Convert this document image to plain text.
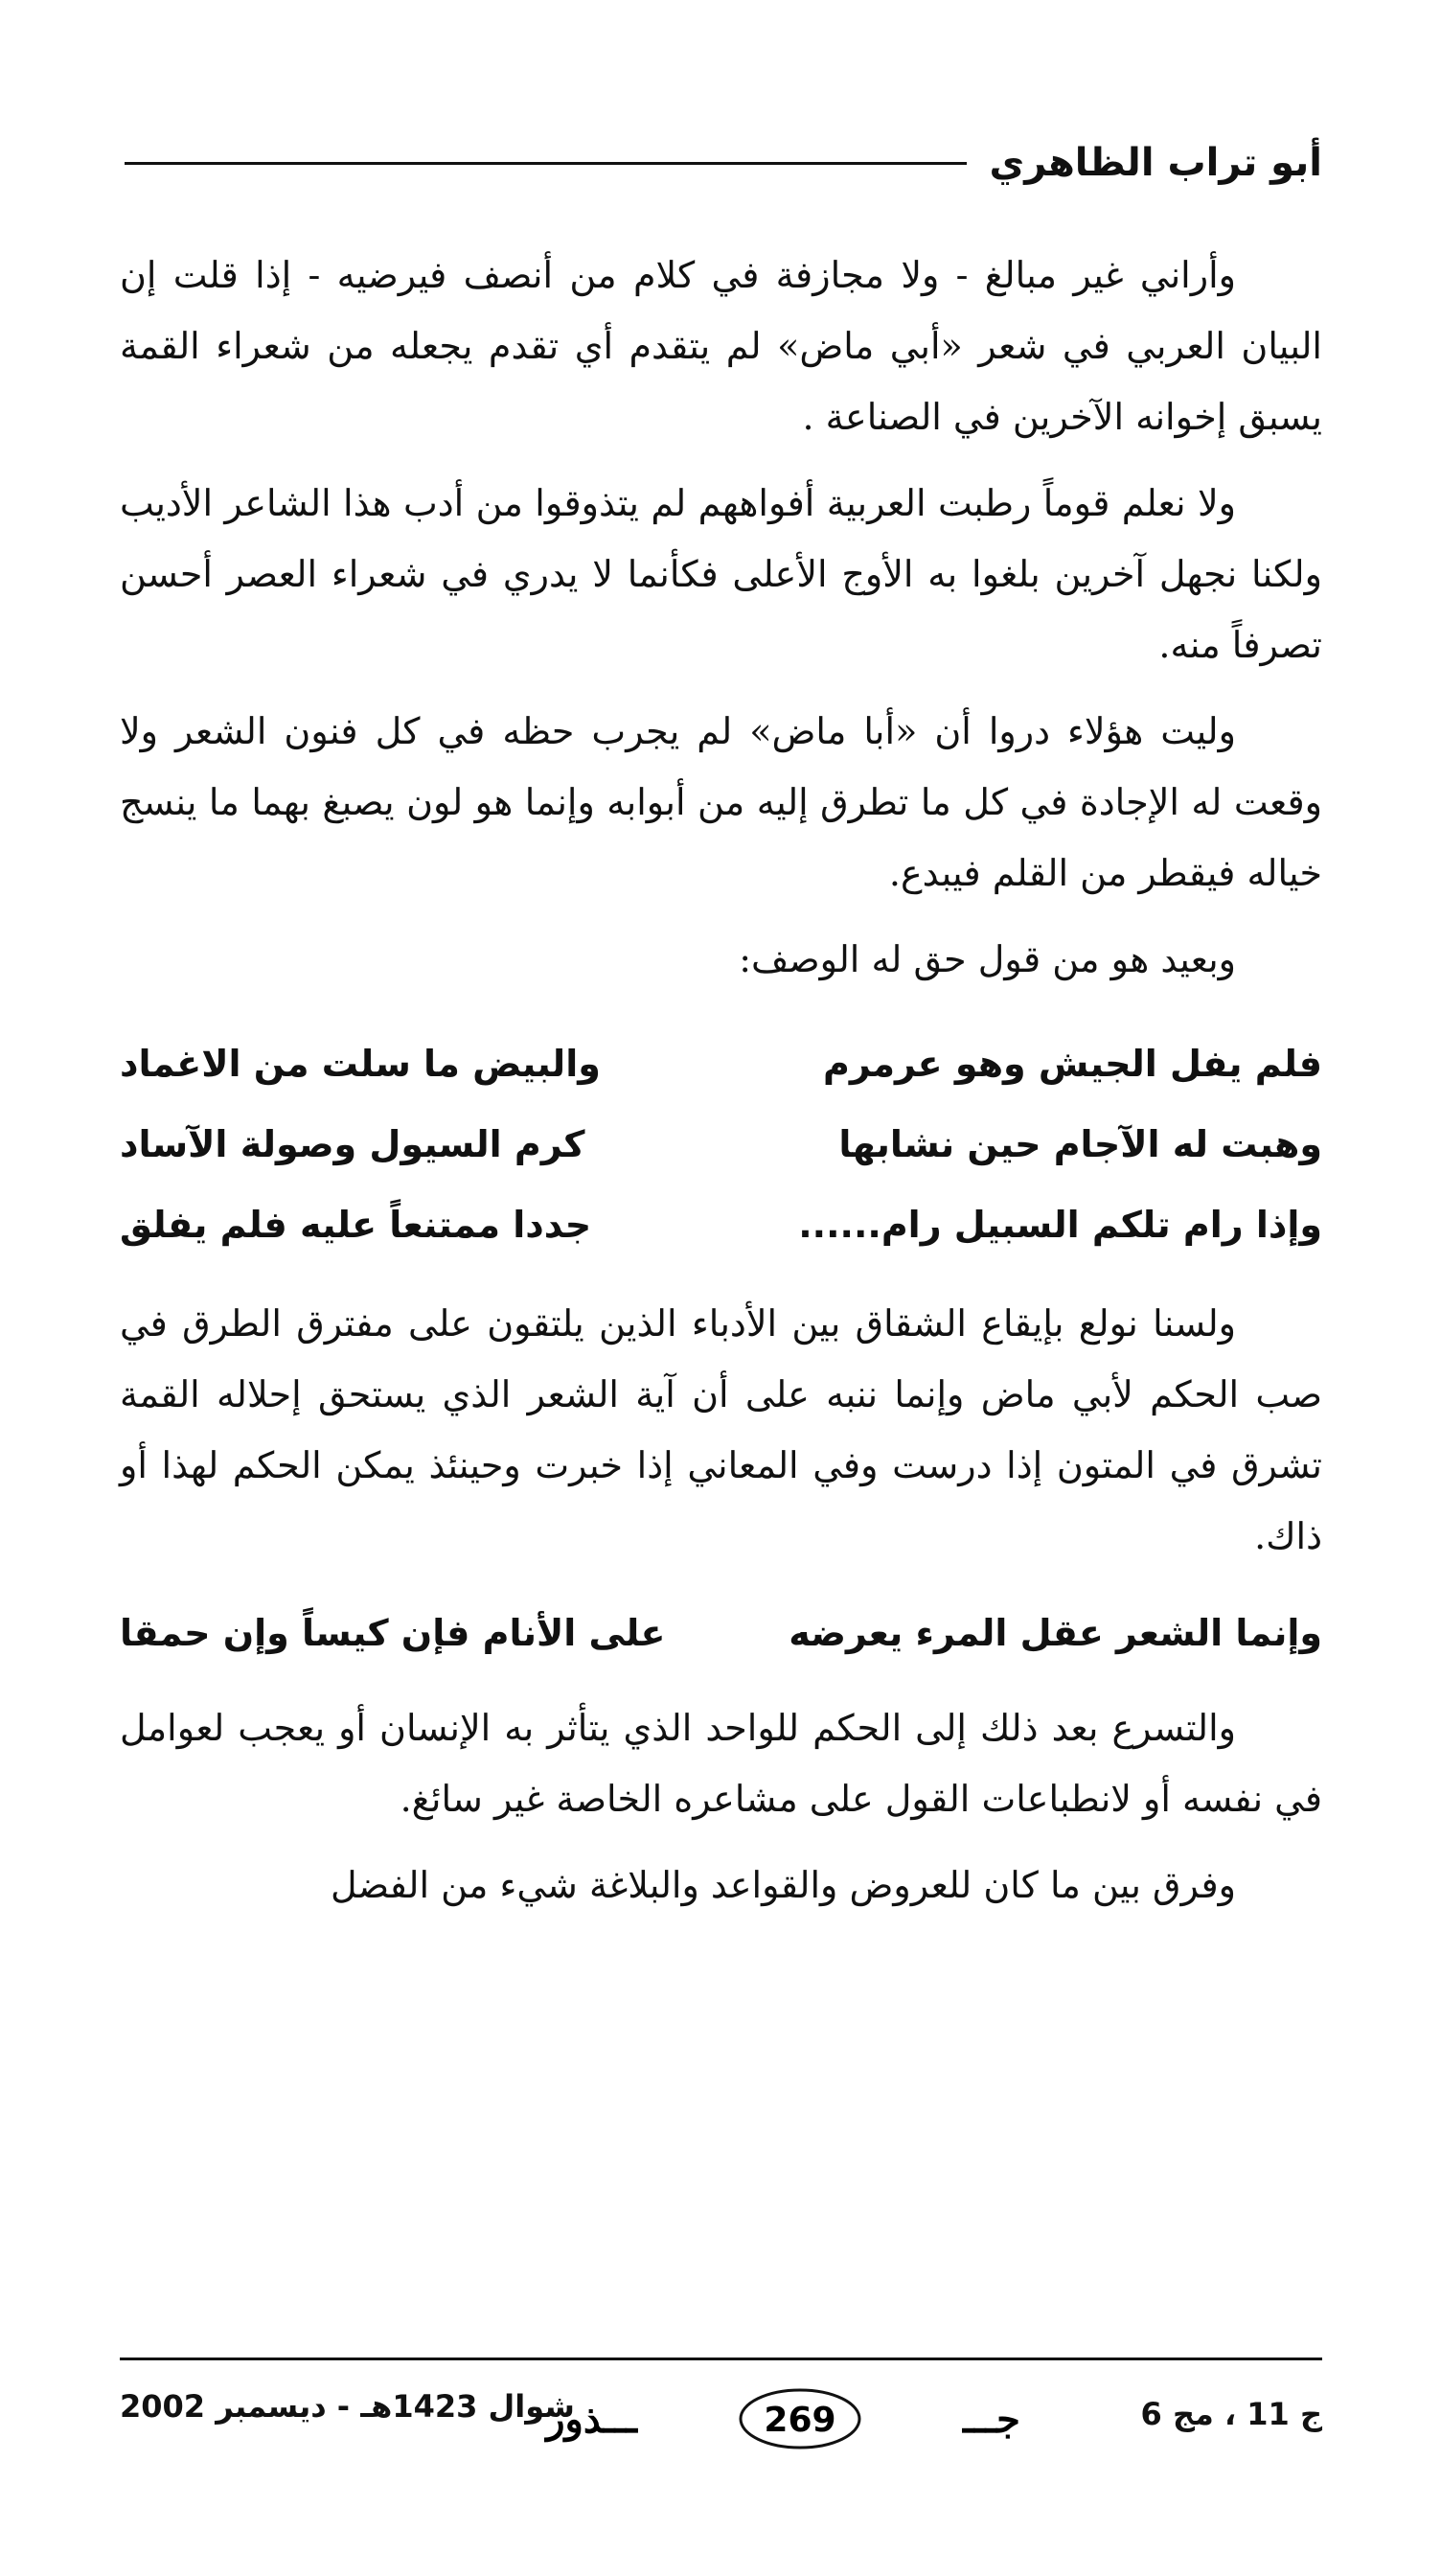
أبو تراب الظاهري

وأراني غير مبالغ - ولا مجازفة في كلام من أنصف فيرضيه - إذا قلت إن البيان العربي في شعر «أبي ماض» لم يتقدم أي تقدم يجعله من شعراء القمة يسبق إخوانه الآخرين في الصناعة .

ولا نعلم قوماً رطبت العربية أفواههم لم يتذوقوا من أدب هذا الشاعر الأديب ولكنا نجهل آخرين بلغوا به الأوج الأعلى فكأنما لا يدري في شعراء العصر أحسن تصرفاً منه.

وليت هؤلاء دروا أن «أبا ماض» لم يجرب حظه في كل فنون الشعر ولا وقعت له الإجادة في كل ما تطرق إليه من أبوابه وإنما هو لون يصبغ بهما ما ينسج خياله فيقطر من القلم فيبدع.

وبعيد هو من قول حق له الوصف:

فلم يفل الجيش وهو عرمرم
والبيض ما سلت من الاغماد
وهبت له الآجام حين نشابها
كرم السيول وصولة الآساد
وإذا رام تلكم السبيل رام......
جددا ممتنعاً عليه فلم يفلق

ولسنا نولع بإيقاع الشقاق بين الأدباء الذين يلتقون على مفترق الطرق في صب الحكم لأبي ماض وإنما ننبه على أن آية الشعر الذي يستحق إحلاله القمة تشرق في المتون إذا درست وفي المعاني إذا خبرت وحينئذ يمكن الحكم لهذا أو ذاك.

وإنما الشعر عقل المرء يعرضه
على الأنام فإن كيساً وإن حمقا

والتسرع بعد ذلك إلى الحكم للواحد الذي يتأثر به الإنسان أو يعجب لعوامل في نفسه أو لانطباعات القول على مشاعره الخاصة غير سائغ.

وفرق بين ما كان للعروض والقواعد والبلاغة شيء من الفضل

ج 11 ، مج 6
ـــذور	269	جـــ
شوال 1423هـ - ديسمبر 2002
